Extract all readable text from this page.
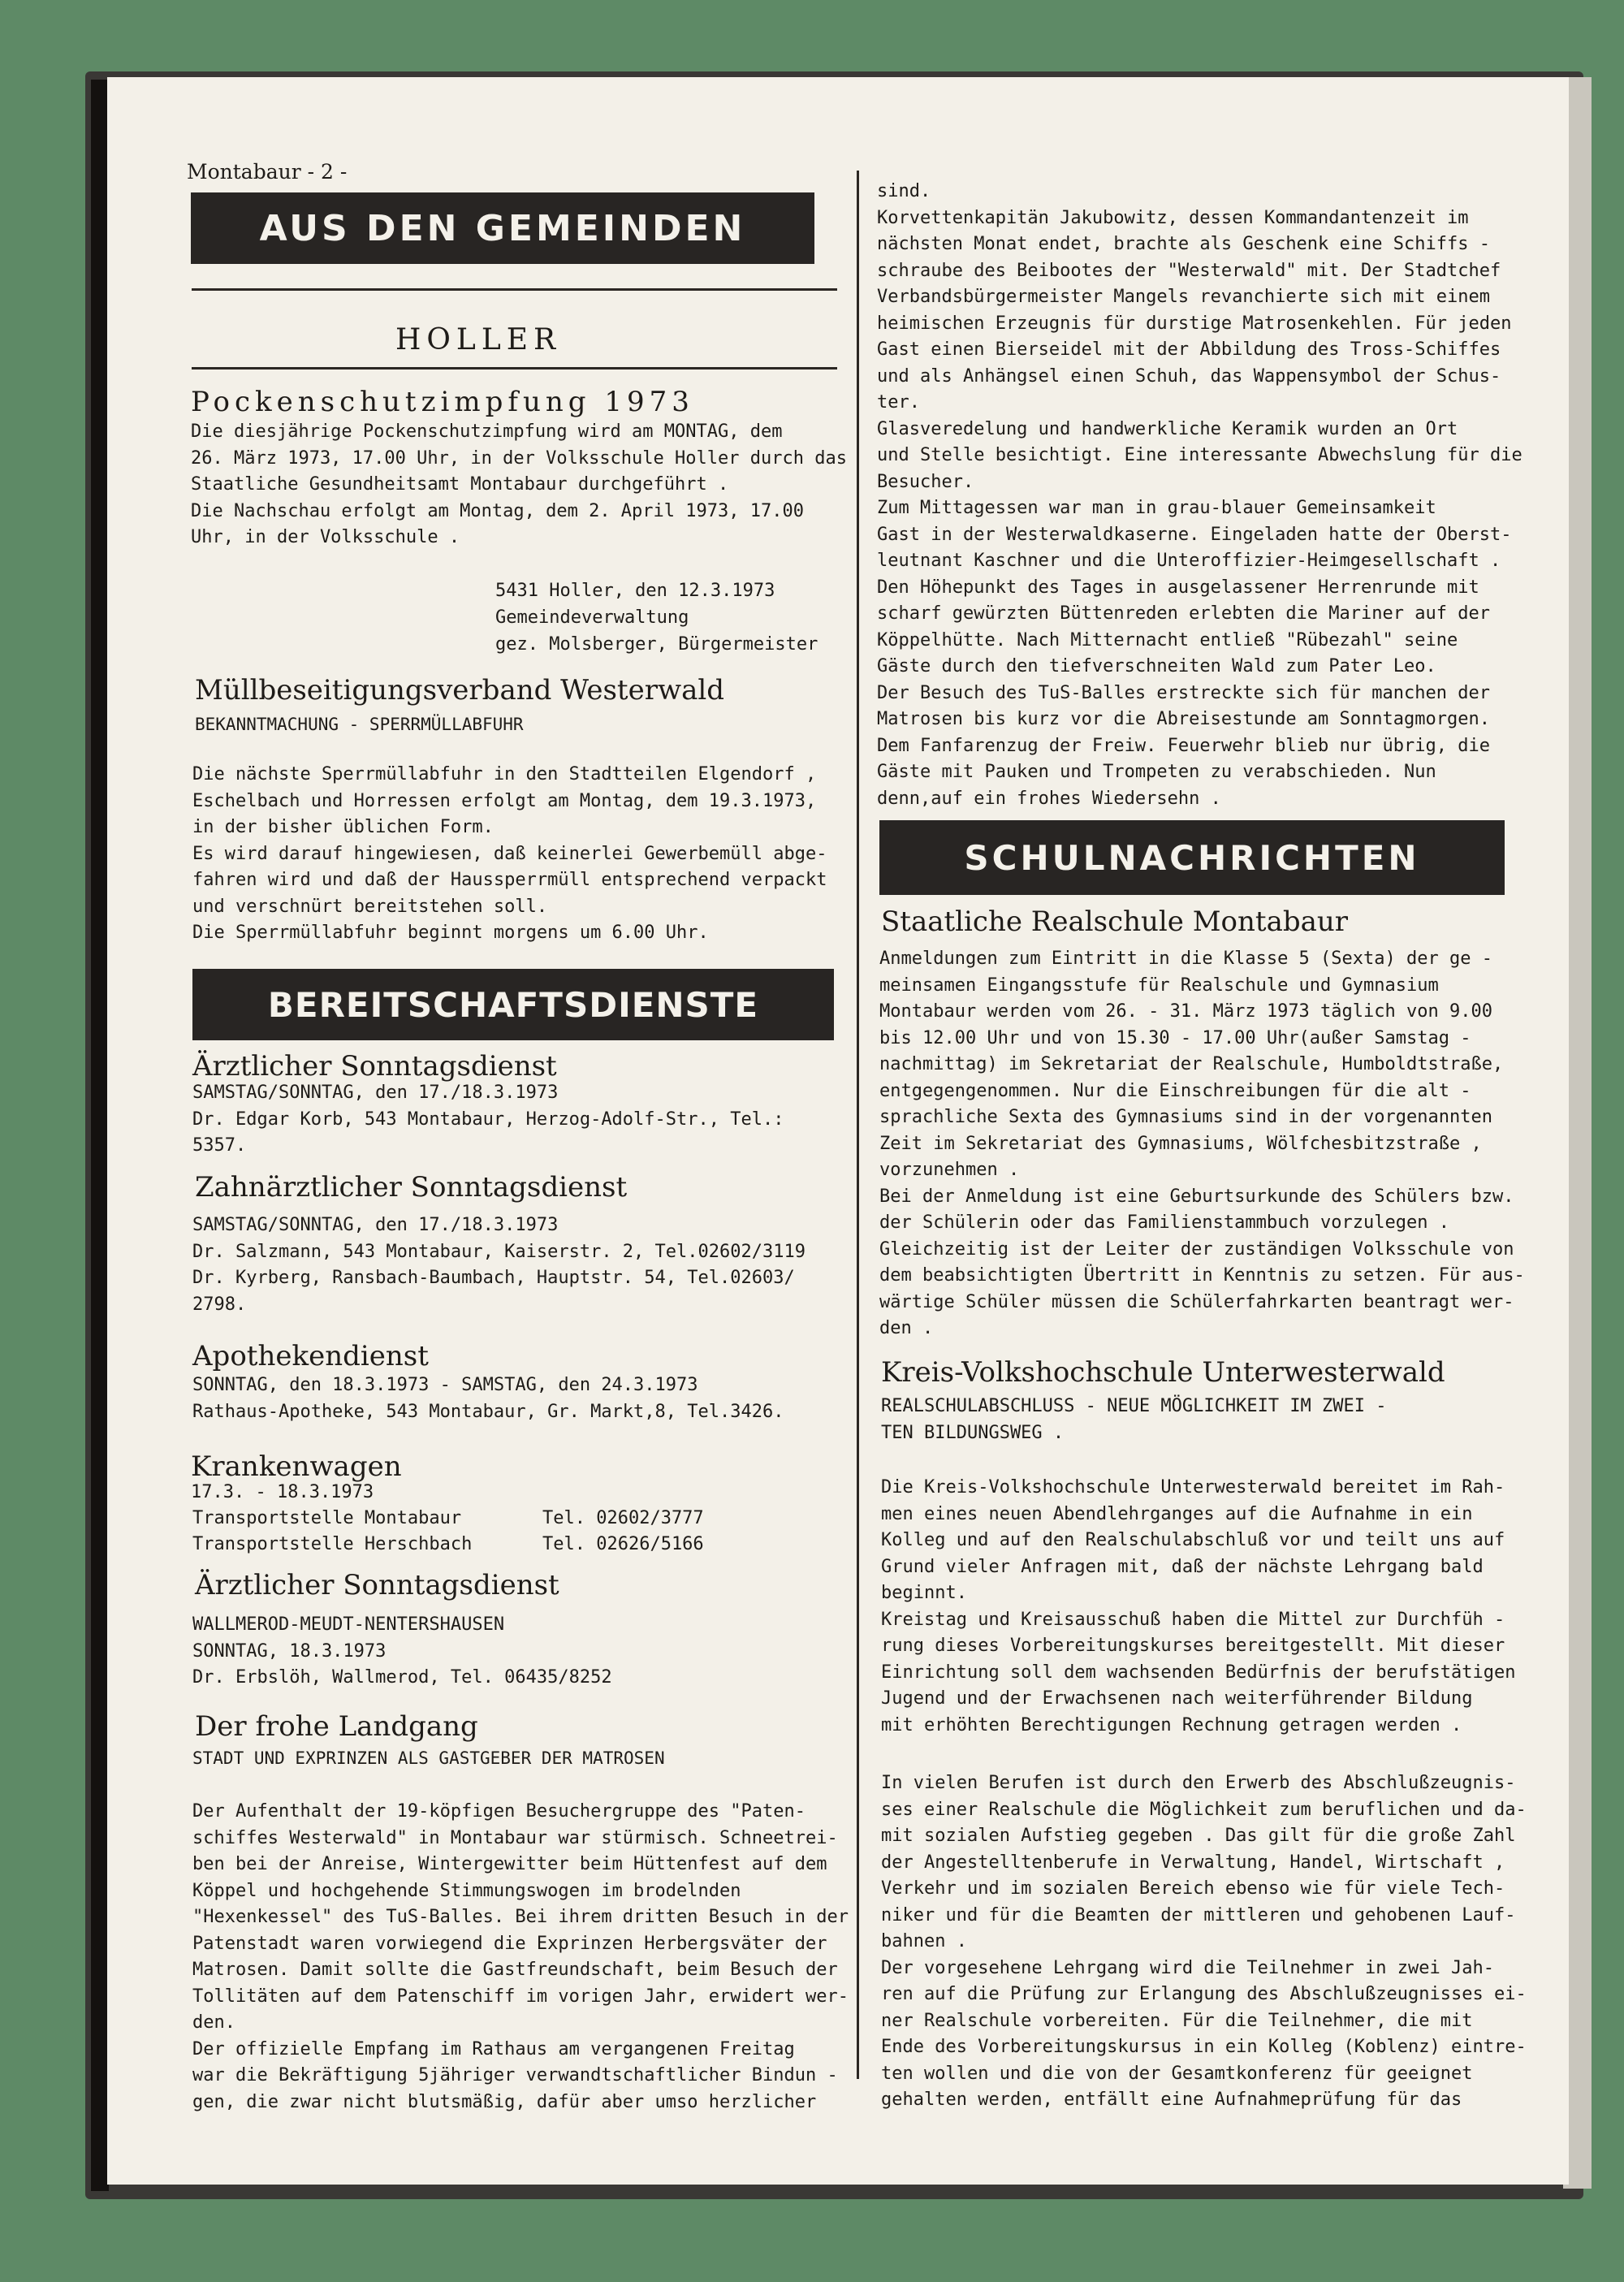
Montabaur - 2 -
AUS DEN GEMEINDEN
HOLLER
Pockenschutzimpfung 1973
Die diesjährige Pockenschutzimpfung wird am MONTAG, dem
26. März 1973, 17.00 Uhr, in der Volksschule Holler durch das
Staatliche Gesundheitsamt Montabaur durchgeführt .
Die Nachschau erfolgt am Montag, dem 2. April 1973, 17.00
Uhr, in der Volksschule .
5431 Holler, den 12.3.1973
Gemeindeverwaltung
gez. Molsberger, Bürgermeister
Müllbeseitigungsverband Westerwald
BEKANNTMACHUNG - SPERRMÜLLABFUHR
Die nächste Sperrmüllabfuhr in den Stadtteilen Elgendorf ,
Eschelbach und Horressen erfolgt am Montag, dem 19.3.1973,
in der bisher üblichen Form.
Es wird darauf hingewiesen, daß keinerlei Gewerbemüll abge-
fahren wird und daß der Haussperrmüll entsprechend verpackt
und verschnürt bereitstehen soll.
Die Sperrmüllabfuhr beginnt morgens um 6.00 Uhr.
BEREITSCHAFTSDIENSTE
Ärztlicher Sonntagsdienst
SAMSTAG/SONNTAG, den 17./18.3.1973
Dr. Edgar Korb, 543 Montabaur, Herzog-Adolf-Str., Tel.:
5357.
Zahnärztlicher Sonntagsdienst
SAMSTAG/SONNTAG, den 17./18.3.1973
Dr. Salzmann, 543 Montabaur, Kaiserstr. 2, Tel.02602/3119
Dr. Kyrberg, Ransbach-Baumbach, Hauptstr. 54, Tel.02603/
2798.
Apothekendienst
SONNTAG, den 18.3.1973 - SAMSTAG, den 24.3.1973
Rathaus-Apotheke, 543 Montabaur, Gr. Markt,8, Tel.3426.
Krankenwagen
17.3. - 18.3.1973
Transportstelle Montabaur	Tel. 02602/3777
Transportstelle Herschbach	Tel. 02626/5166
Ärztlicher Sonntagsdienst
WALLMEROD-MEUDT-NENTERSHAUSEN
SONNTAG, 18.3.1973
Dr. Erbslöh, Wallmerod, Tel. 06435/8252
Der frohe Landgang
STADT UND EXPRINZEN ALS GASTGEBER DER MATROSEN
Der Aufenthalt der 19-köpfigen Besuchergruppe des "Paten-
schiffes Westerwald" in Montabaur war stürmisch. Schneetrei-
ben bei der Anreise, Wintergewitter beim Hüttenfest auf dem
Köppel und hochgehende Stimmungswogen im brodelnden
"Hexenkessel" des TuS-Balles. Bei ihrem dritten Besuch in der
Patenstadt waren vorwiegend die Exprinzen Herbergsväter der
Matrosen. Damit sollte die Gastfreundschaft, beim Besuch der
Tollitäten auf dem Patenschiff im vorigen Jahr, erwidert wer-
den.
Der offizielle Empfang im Rathaus am vergangenen Freitag
war die Bekräftigung 5jähriger verwandtschaftlicher Bindun -
gen, die zwar nicht blutsmäßig, dafür aber umso herzlicher
sind.
Korvettenkapitän Jakubowitz, dessen Kommandantenzeit im
nächsten Monat endet, brachte als Geschenk eine Schiffs -
schraube des Beibootes der "Westerwald" mit. Der Stadtchef
Verbandsbürgermeister Mangels revanchierte sich mit einem
heimischen Erzeugnis für durstige Matrosenkehlen. Für jeden
Gast einen Bierseidel mit der Abbildung des Tross-Schiffes
und als Anhängsel einen Schuh, das Wappensymbol der Schus-
ter.
Glasveredelung und handwerkliche Keramik wurden an Ort
und Stelle besichtigt. Eine interessante Abwechslung für die
Besucher.
Zum Mittagessen war man in grau-blauer Gemeinsamkeit
Gast in der Westerwaldkaserne. Eingeladen hatte der Oberst-
leutnant Kaschner und die Unteroffizier-Heimgesellschaft .
Den Höhepunkt des Tages in ausgelassener Herrenrunde mit
scharf gewürzten Büttenreden erlebten die Mariner auf der
Köppelhütte. Nach Mitternacht entließ "Rübezahl" seine
Gäste durch den tiefverschneiten Wald zum Pater Leo.
Der Besuch des TuS-Balles erstreckte sich für manchen der
Matrosen bis kurz vor die Abreisestunde am Sonntagmorgen.
Dem Fanfarenzug der Freiw. Feuerwehr blieb nur übrig, die
Gäste mit Pauken und Trompeten zu verabschieden. Nun
denn,auf ein frohes Wiedersehn .
SCHULNACHRICHTEN
Staatliche Realschule Montabaur
Anmeldungen zum Eintritt in die Klasse 5 (Sexta) der ge -
meinsamen Eingangsstufe für Realschule und Gymnasium
Montabaur werden vom 26. - 31. März 1973 täglich von 9.00
bis 12.00 Uhr und von 15.30 - 17.00 Uhr(außer Samstag -
nachmittag) im Sekretariat der Realschule, Humboldtstraße,
entgegengenommen. Nur die Einschreibungen für die alt -
sprachliche Sexta des Gymnasiums sind in der vorgenannten
Zeit im Sekretariat des Gymnasiums, Wölfchesbitzstraße ,
vorzunehmen .
Bei der Anmeldung ist eine Geburtsurkunde des Schülers bzw.
der Schülerin oder das Familienstammbuch vorzulegen .
Gleichzeitig ist der Leiter der zuständigen Volksschule von
dem beabsichtigten Übertritt in Kenntnis zu setzen. Für aus-
wärtige Schüler müssen die Schülerfahrkarten beantragt wer-
den .
Kreis-Volkshochschule Unterwesterwald
REALSCHULABSCHLUSS - NEUE MÖGLICHKEIT IM ZWEI -
TEN BILDUNGSWEG .
Die Kreis-Volkshochschule Unterwesterwald bereitet im Rah-
men eines neuen Abendlehrganges auf die Aufnahme in ein
Kolleg und auf den Realschulabschluß vor und teilt uns auf
Grund vieler Anfragen mit, daß der nächste Lehrgang bald
beginnt.
Kreistag und Kreisausschuß haben die Mittel zur Durchfüh -
rung dieses Vorbereitungskurses bereitgestellt. Mit dieser
Einrichtung soll dem wachsenden Bedürfnis der berufstätigen
Jugend und der Erwachsenen nach weiterführender Bildung
mit erhöhten Berechtigungen Rechnung getragen werden .
In vielen Berufen ist durch den Erwerb des Abschlußzeugnis-
ses einer Realschule die Möglichkeit zum beruflichen und da-
mit sozialen Aufstieg gegeben . Das gilt für die große Zahl
der Angestelltenberufe in Verwaltung, Handel, Wirtschaft ,
Verkehr und im sozialen Bereich ebenso wie für viele Tech-
niker und für die Beamten der mittleren und gehobenen Lauf-
bahnen .
Der vorgesehene Lehrgang wird die Teilnehmer in zwei Jah-
ren auf die Prüfung zur Erlangung des Abschlußzeugnisses ei-
ner Realschule vorbereiten. Für die Teilnehmer, die mit
Ende des Vorbereitungskursus in ein Kolleg (Koblenz) eintre-
ten wollen und die von der Gesamtkonferenz für geeignet
gehalten werden, entfällt eine Aufnahmeprüfung für das
